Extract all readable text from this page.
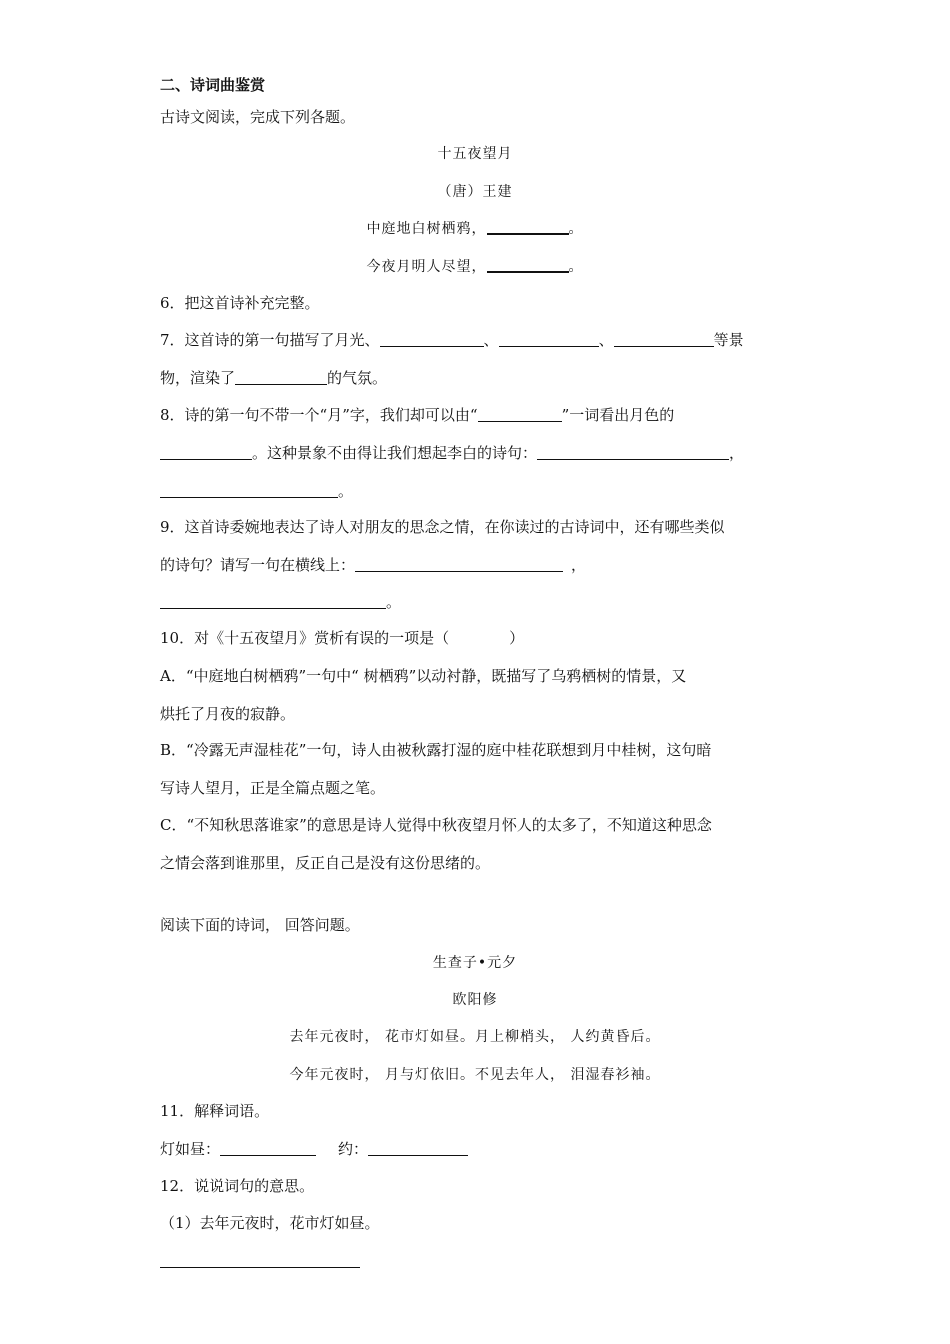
二、诗词曲鉴赏
古诗文阅读，完成下列各题。
十五夜望月
（唐）王建
中庭地白树栖鸦，	。
今夜月明人尽望，	。
6．把这首诗补充完整。
7．这首诗的第一句描写了月光、	、	、	等景
物，渲染了	的气氛。
8．诗的第一句不带一个“月”字，我们却可以由“	”一词看出月色的
。这种景象不由得让我们想起李白的诗句：	，
。
9．这首诗委婉地表达了诗人对朋友的思念之情，在你读过的古诗词中，还有哪些类似
的诗句？请写一句在横线上：	，
。
10．对《十五夜望月》赏析有误的一项是（　　　　）
A．“中庭地白树栖鸦”一句中“ 树栖鸦”以动衬静，既描写了乌鸦栖树的情景，又
烘托了月夜的寂静。
B．“冷露无声湿桂花”一句，诗人由被秋露打湿的庭中桂花联想到月中桂树，这句暗
写诗人望月，正是全篇点题之笔。
C．“不知秋思落谁家”的意思是诗人觉得中秋夜望月怀人的太多了，不知道这种思念
之情会落到谁那里，反正自己是没有这份思绪的。
阅读下面的诗词， 回答问题。
生查子•元夕
欧阳修
去年元夜时， 花市灯如昼。月上柳梢头， 人约黄昏后。
今年元夜时， 月与灯依旧。不见去年人， 泪湿春衫袖。
11．解释词语。
灯如昼：	约：
12．说说词句的意思。
（1）去年元夜时，花市灯如昼。
